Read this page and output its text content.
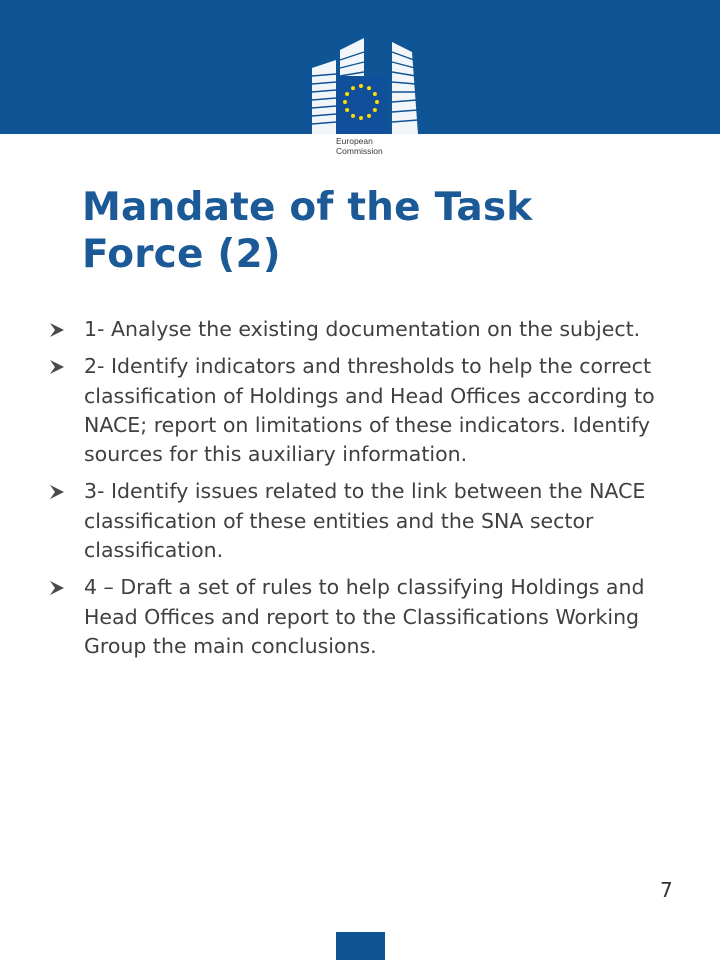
European
Commission
Mandate of the Task
Force (2)
1- Analyse the existing documentation on the subject.
2- Identify indicators and thresholds to help the correct classification of Holdings and Head Offices according to NACE; report on limitations of these indicators. Identify sources for this auxiliary information.
3- Identify issues related to the link between the NACE classification of these entities and the SNA sector classification.
4 – Draft a set of rules to help classifying Holdings and Head Offices and report to the Classifications Working Group the main conclusions.
7
